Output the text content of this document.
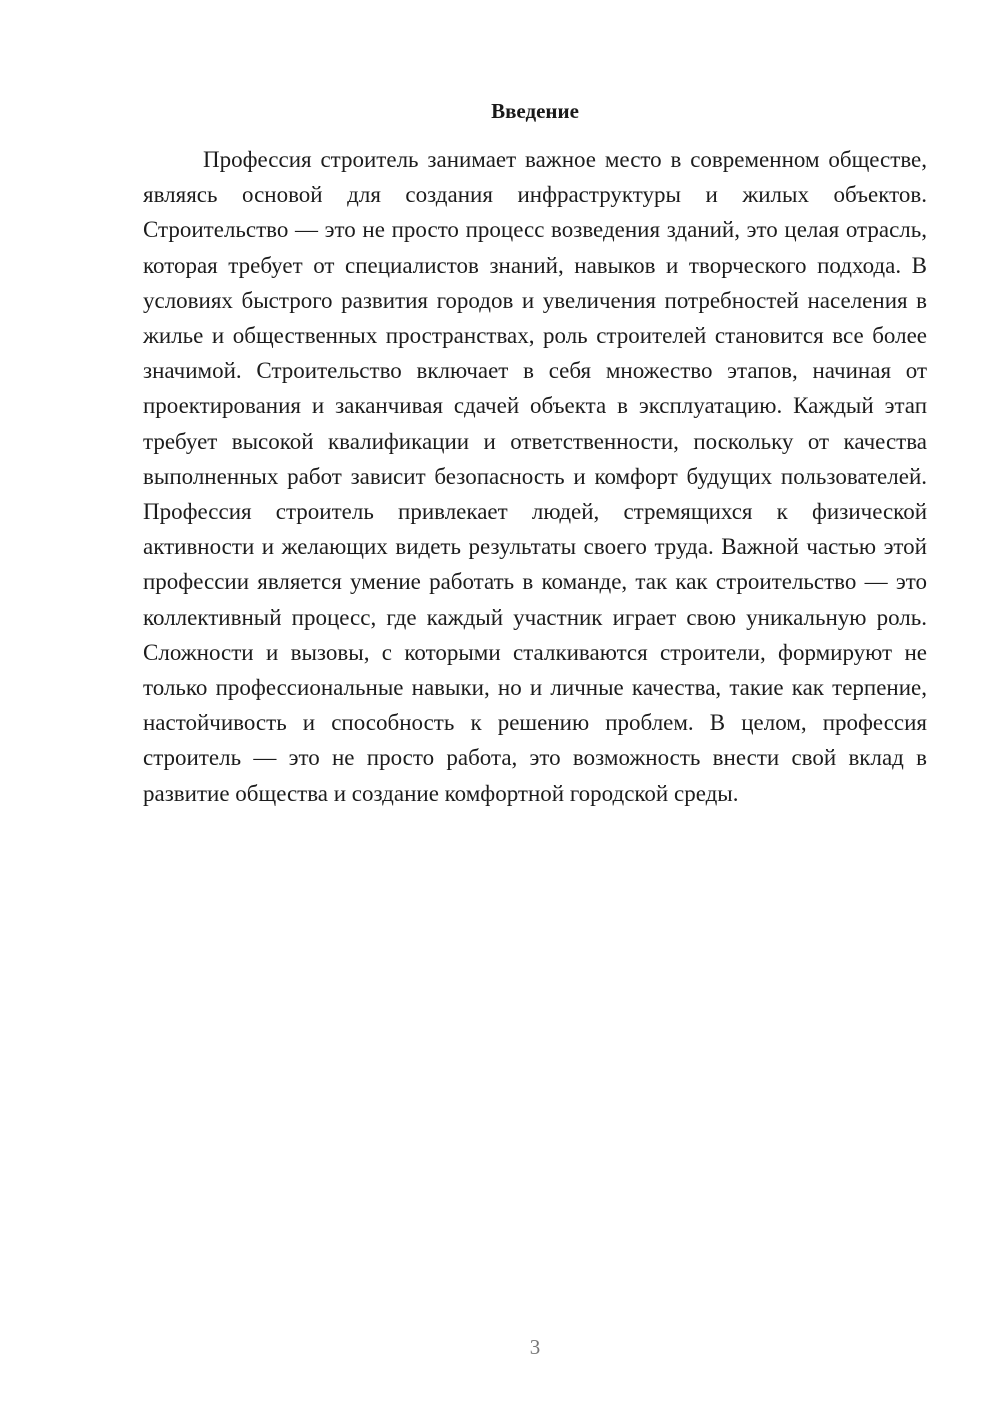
Введение

Профессия строитель занимает важное место в современном обществе, являясь основой для создания инфраструктуры и жилых объектов. Строительство — это не просто процесс возведения зданий, это целая отрасль, которая требует от специалистов знаний, навыков и творческого подхода. В условиях быстрого развития городов и увеличения потребностей населения в жилье и общественных пространствах, роль строителей становится все более значимой. Строительство включает в себя множество этапов, начиная от проектирования и заканчивая сдачей объекта в эксплуатацию. Каждый этап требует высокой квалификации и ответственности, поскольку от качества выполненных работ зависит безопасность и комфорт будущих пользователей. Профессия строитель привлекает людей, стремящихся к физической активности и желающих видеть результаты своего труда. Важной частью этой профессии является умение работать в команде, так как строительство — это коллективный процесс, где каждый участник играет свою уникальную роль. Сложности и вызовы, с которыми сталкиваются строители, формируют не только профессиональные навыки, но и личные качества, такие как терпение, настойчивость и способность к решению проблем. В целом, профессия строитель — это не просто работа, это возможность внести свой вклад в развитие общества и создание комфортной городской среды.

3
